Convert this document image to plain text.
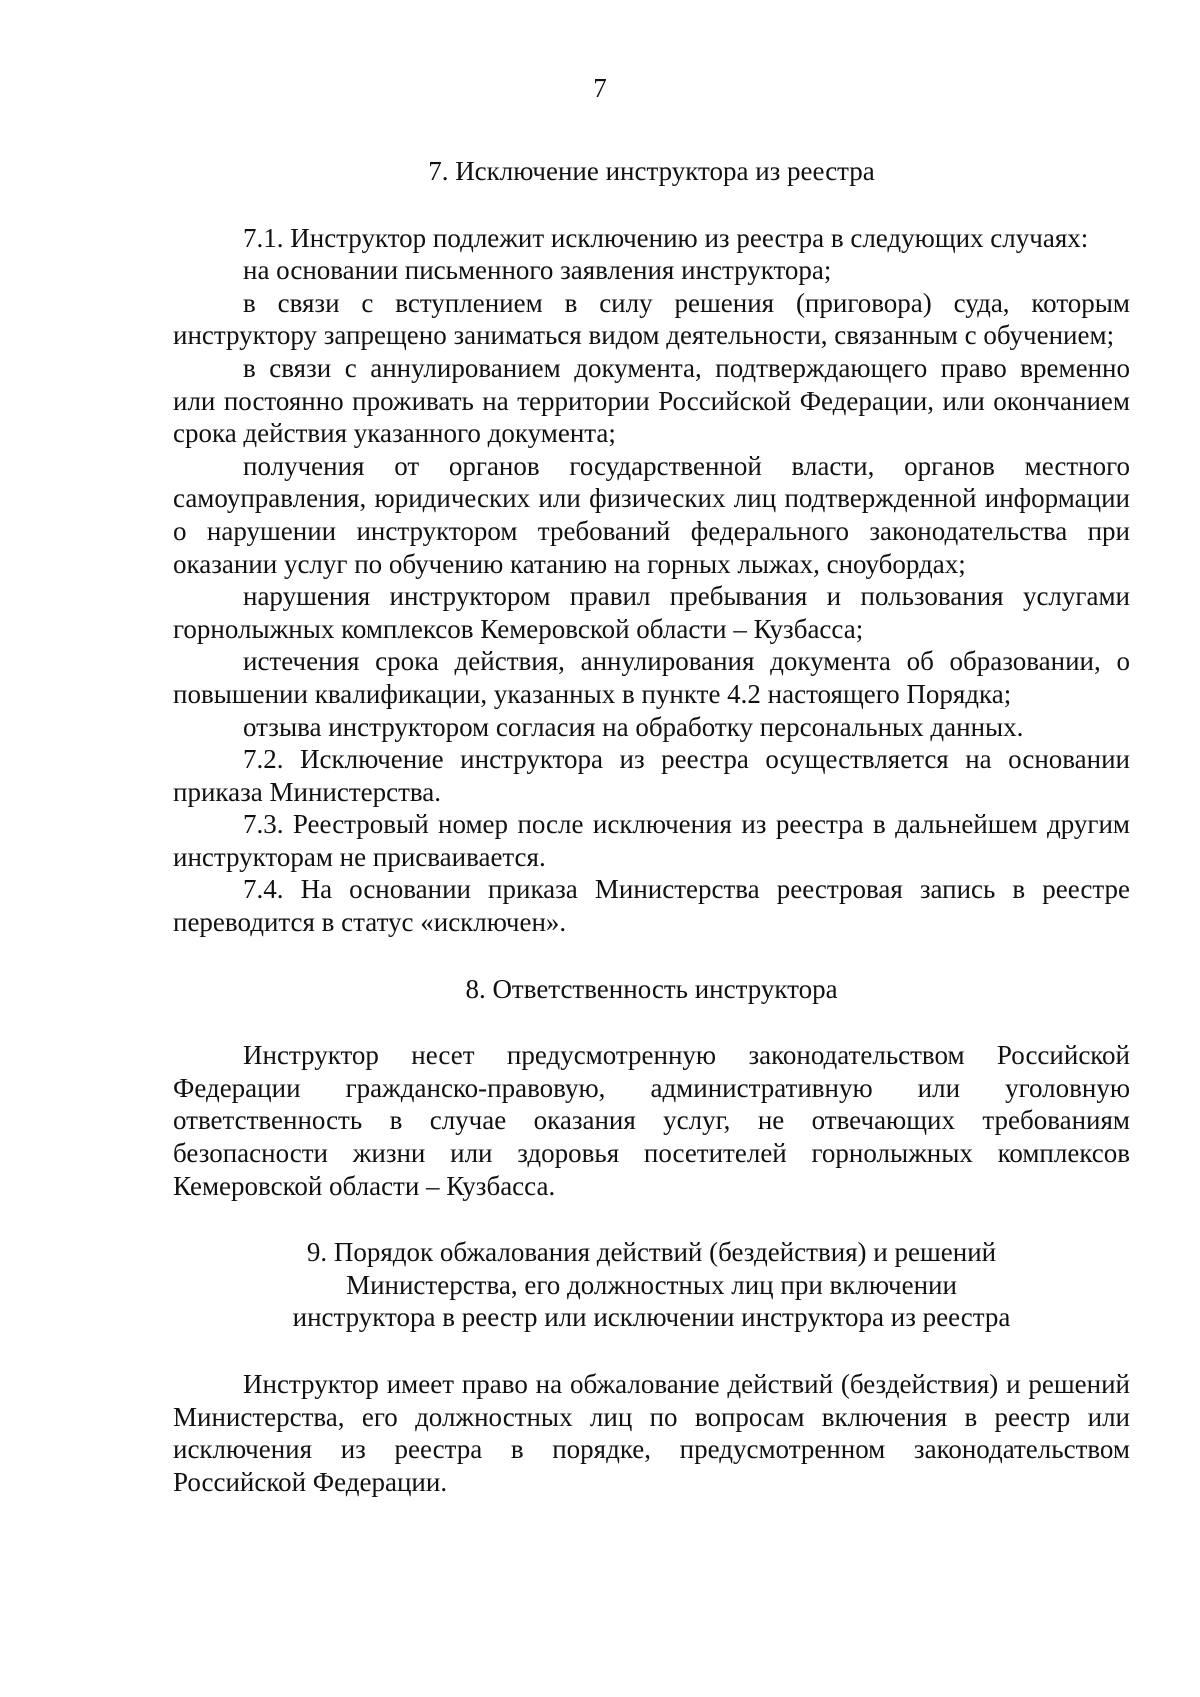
7
7. Исключение инструктора из реестра

7.1. Инструктор подлежит исключению из реестра в следующих случаях:

на основании письменного заявления инструктора;

в связи с вступлением в силу решения (приговора) суда, которым инструктору запрещено заниматься видом деятельности, связанным с обучением;

в связи с аннулированием документа, подтверждающего право временно или постоянно проживать на территории Российской Федерации, или окончанием срока действия указанного документа;

получения от органов государственной власти, органов местного самоуправления, юридических или физических лиц подтвержденной информации о нарушении инструктором требований федерального законодательства при оказании услуг по обучению катанию на горных лыжах, сноубордах;

нарушения инструктором правил пребывания и пользования услугами горнолыжных комплексов Кемеровской области – Кузбасса;

истечения срока действия, аннулирования документа об образовании, о повышении квалификации, указанных в пункте 4.2 настоящего Порядка;

отзыва инструктором согласия на обработку персональных данных.

7.2. Исключение инструктора из реестра осуществляется на основании приказа Министерства.

7.3. Реестровый номер после исключения из реестра в дальнейшем другим инструкторам не присваивается.

7.4. На основании приказа Министерства реестровая запись в реестре переводится в статус «исключен».

8. Ответственность инструктора

Инструктор несет предусмотренную законодательством Российской Федерации гражданско-правовую, административную или уголовную ответственность в случае оказания услуг, не отвечающих требованиям безопасности жизни или здоровья посетителей горнолыжных комплексов Кемеровской области – Кузбасса.

9. Порядок обжалования действий (бездействия) и решений
Министерства, его должностных лиц при включении
инструктора в реестр или исключении инструктора из реестра

Инструктор имеет право на обжалование действий (бездействия) и решений Министерства, его должностных лиц по вопросам включения в реестр или исключения из реестра в порядке, предусмотренном законодательством Российской Федерации.
